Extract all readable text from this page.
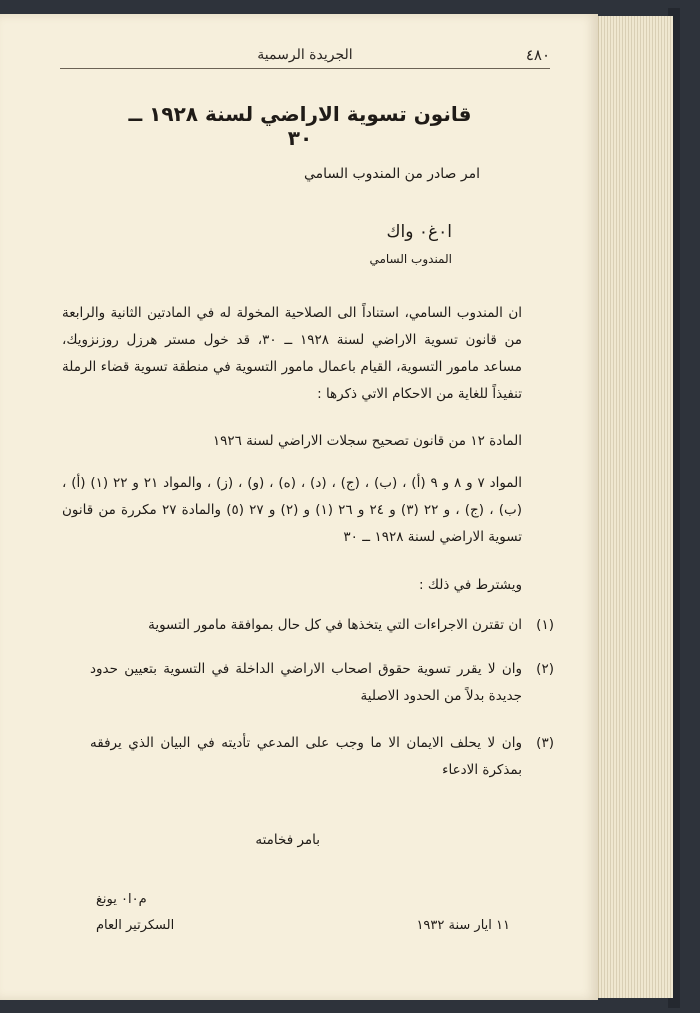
٤٨٠
الجريدة الرسمية
قانون تسوية الاراضي لسنة ١٩٢٨ ــ ٣٠
امر صادر من المندوب السامي
ا٠غ٠ واك
المندوب السامي
ان المندوب السامي، استناداً الى الصلاحية المخولة له في المادتين الثانية والرابعة من قانون تسوية الاراضي لسنة ١٩٢٨ ــ ٣٠، قد خول مستر هرزل روزنزويك، مساعد مامور التسوية، القيام باعمال مامور التسوية في منطقة تسوية قضاء الرملة تنفيذاً للغاية من الاحكام الاتي ذكرها :
المادة ١٢ من قانون تصحيح سجلات الاراضي لسنة ١٩٢٦
المواد ٧ و ٨ و ٩ (أ) ، (ب) ، (ج) ، (د) ، (ه) ، (و) ، (ز) ، والمواد ٢١ و ٢٢ (١) (أ) ، (ب) ، (ج) ، و ٢٢ (٣) و ٢٤ و ٢٦ (١) و (٢) و ٢٧ (٥) والمادة ٢٧ مكررة من قانون تسوية الاراضي لسنة ١٩٢٨ ــ ٣٠
ويشترط في ذلك :
(١)
ان تقترن الاجراءات التي يتخذها في كل حال بموافقة مامور التسوية
(٢)
وان لا يقرر تسوية حقوق اصحاب الاراضي الداخلة في التسوية بتعيين حدود جديدة بدلاً من الحدود الاصلية
(٣)
وان لا يحلف الايمان الا ما وجب على المدعي تأديته في البيان الذي يرفقه بمذكرة الادعاء
بامر فخامته
١١ ايار سنة ١٩٣٢
م٠ا٠ يونغ
السكرتير العام
